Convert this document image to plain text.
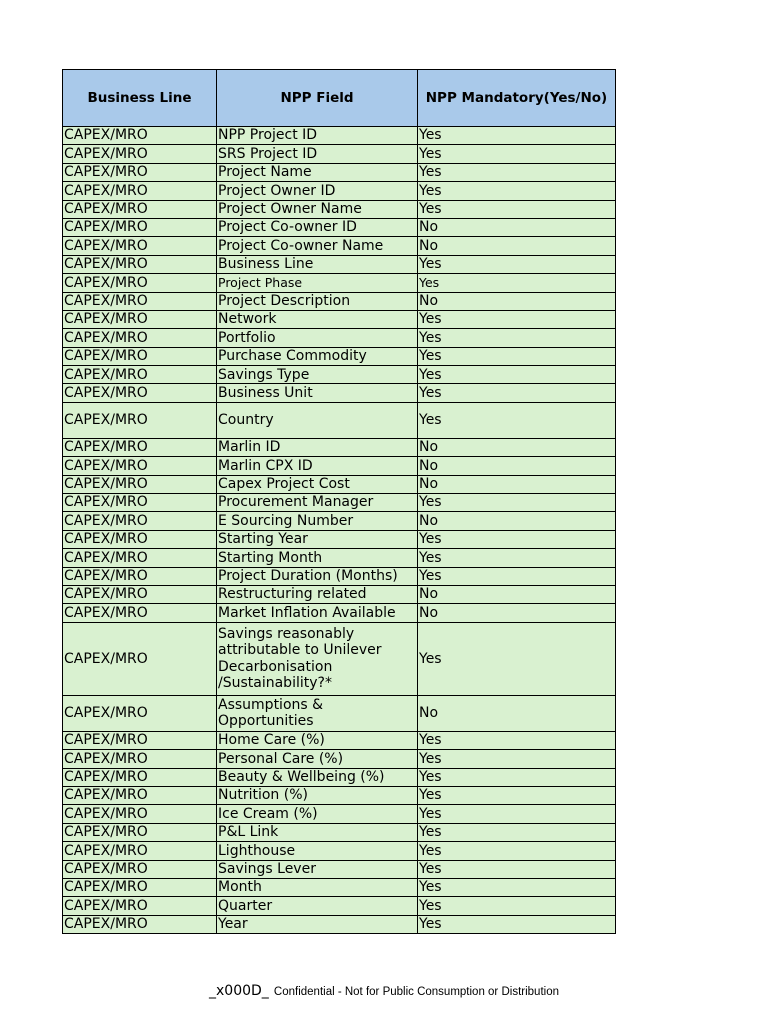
Business Line	NPP Field	NPP Mandatory(Yes/No)
CAPEX/MRO	NPP Project ID	Yes
CAPEX/MRO	SRS Project ID	Yes
CAPEX/MRO	Project Name	Yes
CAPEX/MRO	Project Owner ID	Yes
CAPEX/MRO	Project Owner Name	Yes
CAPEX/MRO	Project Co-owner ID	No
CAPEX/MRO	Project Co-owner Name	No
CAPEX/MRO	Business Line	Yes
CAPEX/MRO	Project Phase	Yes
CAPEX/MRO	Project Description	No
CAPEX/MRO	Network	Yes
CAPEX/MRO	Portfolio	Yes
CAPEX/MRO	Purchase Commodity	Yes
CAPEX/MRO	Savings Type	Yes
CAPEX/MRO	Business Unit	Yes
CAPEX/MRO	Country	Yes
CAPEX/MRO	Marlin ID	No
CAPEX/MRO	Marlin CPX ID	No
CAPEX/MRO	Capex Project Cost	No
CAPEX/MRO	Procurement Manager	Yes
CAPEX/MRO	E Sourcing Number	No
CAPEX/MRO	Starting Year	Yes
CAPEX/MRO	Starting Month	Yes
CAPEX/MRO	Project Duration (Months)	Yes
CAPEX/MRO	Restructuring related	No
CAPEX/MRO	Market Inflation Available	No
CAPEX/MRO	Savings reasonably attributable to Unilever Decarbonisation /Sustainability?*	Yes
CAPEX/MRO	Assumptions & Opportunities	No
CAPEX/MRO	Home Care (%)	Yes
CAPEX/MRO	Personal Care (%)	Yes
CAPEX/MRO	Beauty & Wellbeing (%)	Yes
CAPEX/MRO	Nutrition (%)	Yes
CAPEX/MRO	Ice Cream (%)	Yes
CAPEX/MRO	P&L Link	Yes
CAPEX/MRO	Lighthouse	Yes
CAPEX/MRO	Savings Lever	Yes
CAPEX/MRO	Month	Yes
CAPEX/MRO	Quarter	Yes
CAPEX/MRO	Year	Yes
_x000D_ Confidential - Not for Public Consumption or Distribution
